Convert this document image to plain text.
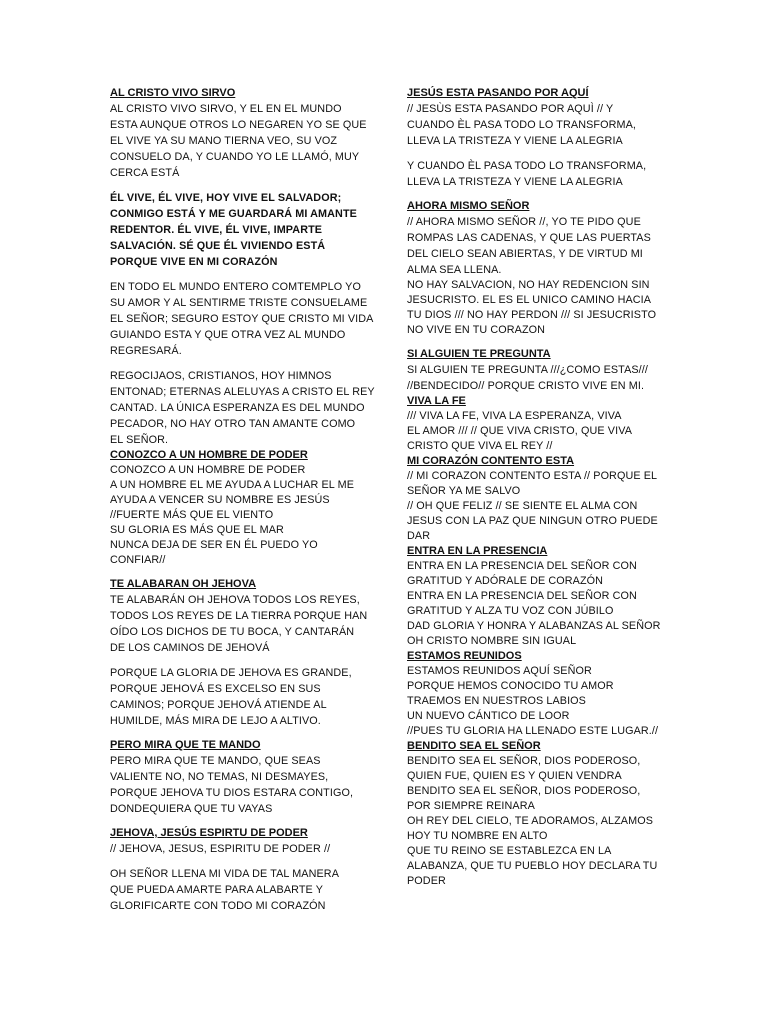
AL CRISTO VIVO SIRVO
AL CRISTO VIVO SIRVO, Y EL EN EL MUNDO
ESTA AUNQUE OTROS LO NEGAREN YO SE QUE
EL VIVE YA SU MANO TIERNA VEO, SU VOZ
CONSUELO DA, Y CUANDO YO LE LLAMÓ, MUY
CERCA ESTÁ
ÉL VIVE, ÉL VIVE, HOY VIVE EL SALVADOR;
CONMIGO ESTÁ Y ME GUARDARÁ MI AMANTE
REDENTOR. ÉL VIVE, ÉL VIVE, IMPARTE
SALVACIÓN. SÉ QUE ÉL VIVIENDO ESTÁ
PORQUE VIVE EN MI CORAZÓN
EN TODO EL MUNDO ENTERO COMTEMPLO YO
SU AMOR Y AL SENTIRME TRISTE CONSUELAME
EL SEÑOR; SEGURO ESTOY QUE CRISTO MI VIDA
GUIANDO ESTA Y QUE OTRA VEZ AL MUNDO
REGRESARÁ.
REGOCIJAOS, CRISTIANOS, HOY HIMNOS
ENTONAD; ETERNAS ALELUYAS A CRISTO EL REY
CANTAD. LA ÚNICA ESPERANZA ES DEL MUNDO
PECADOR, NO HAY OTRO TAN AMANTE COMO
EL SEÑOR.
CONOZCO A UN HOMBRE DE PODER
CONOZCO A UN HOMBRE DE PODER
A UN HOMBRE EL ME AYUDA A LUCHAR EL ME
AYUDA A VENCER SU NOMBRE ES JESÚS
//FUERTE MÁS QUE EL VIENTO
SU GLORIA ES MÁS QUE EL MAR
NUNCA DEJA DE SER EN ÉL PUEDO YO
CONFIAR//
TE ALABARAN OH JEHOVA
TE ALABARÁN OH JEHOVA TODOS LOS REYES,
TODOS LOS REYES DE LA TIERRA PORQUE HAN
OÍDO LOS DICHOS DE TU BOCA, Y CANTARÁN
DE LOS CAMINOS DE JEHOVÁ
PORQUE LA GLORIA DE JEHOVA ES GRANDE,
PORQUE JEHOVÁ ES EXCELSO EN SUS
CAMINOS; PORQUE JEHOVÁ ATIENDE AL
HUMILDE, MÁS MIRA DE LEJO A ALTIVO.
PERO MIRA QUE TE MANDO
PERO MIRA QUE TE MANDO, QUE SEAS
VALIENTE NO, NO TEMAS, NI DESMAYES,
PORQUE JEHOVA TU DIOS ESTARA CONTIGO,
DONDEQUIERA QUE TU VAYAS
JEHOVA, JESÚS ESPIRTU DE PODER
// JEHOVA, JESUS, ESPIRITU DE PODER //
OH SEÑOR LLENA MI VIDA DE TAL MANERA
QUE PUEDA AMARTE PARA ALABARTE Y
GLORIFICARTE CON TODO MI CORAZÓN
JESÚS ESTA PASANDO POR AQUÍ
// JESÙS ESTA PASANDO POR AQUÌ // Y
CUANDO ÈL PASA TODO LO TRANSFORMA,
LLEVA LA TRISTEZA Y VIENE LA ALEGRIA
Y CUANDO ÈL PASA TODO LO TRANSFORMA,
LLEVA LA TRISTEZA Y VIENE LA ALEGRIA
AHORA MISMO SEÑOR
// AHORA MISMO SEÑOR //, YO TE PIDO QUE
ROMPAS LAS CADENAS, Y QUE LAS PUERTAS
DEL CIELO SEAN ABIERTAS, Y DE VIRTUD MI
ALMA SEA LLENA.
NO HAY SALVACION, NO HAY REDENCION SIN
JESUCRISTO. EL ES EL UNICO CAMINO HACIA
TU DIOS /// NO HAY PERDON /// SI JESUCRISTO
NO VIVE EN TU CORAZON
SI ALGUIEN TE PREGUNTA
SI ALGUIEN TE PREGUNTA ///¿COMO ESTAS///
//BENDECIDO// PORQUE CRISTO VIVE EN MI.
VIVA LA FE
/// VIVA LA FE, VIVA LA ESPERANZA, VIVA
EL AMOR /// // QUE VIVA CRISTO, QUE VIVA
CRISTO QUE VIVA EL REY //
MI CORAZÓN CONTENTO ESTA
// MI CORAZON CONTENTO ESTA // PORQUE EL
SEÑOR YA ME SALVO
// OH QUE FELIZ // SE SIENTE EL ALMA CON
JESUS CON LA PAZ QUE NINGUN OTRO PUEDE
DAR
ENTRA EN LA PRESENCIA
ENTRA EN LA PRESENCIA DEL SEÑOR CON
GRATITUD Y ADÓRALE DE CORAZÓN
ENTRA EN LA PRESENCIA DEL SEÑOR CON
GRATITUD Y ALZA TU VOZ CON JÚBILO
DAD GLORIA Y HONRA Y ALABANZAS AL SEÑOR
OH CRISTO NOMBRE SIN IGUAL
ESTAMOS REUNIDOS
ESTAMOS REUNIDOS AQUÍ SEÑOR
PORQUE HEMOS CONOCIDO TU AMOR
TRAEMOS EN NUESTROS LABIOS
UN NUEVO CÁNTICO DE LOOR
//PUES TU GLORIA HA LLENADO ESTE LUGAR.//
BENDITO SEA EL SEÑOR
BENDITO SEA EL SEÑOR, DIOS PODEROSO,
QUIEN FUE, QUIEN ES Y QUIEN VENDRA
BENDITO SEA EL SEÑOR, DIOS PODEROSO,
POR SIEMPRE REINARA
OH REY DEL CIELO, TE ADORAMOS, ALZAMOS
HOY TU NOMBRE EN ALTO
QUE TU REINO SE ESTABLEZCA EN LA
ALABANZA, QUE TU PUEBLO HOY DECLARA TU
PODER
